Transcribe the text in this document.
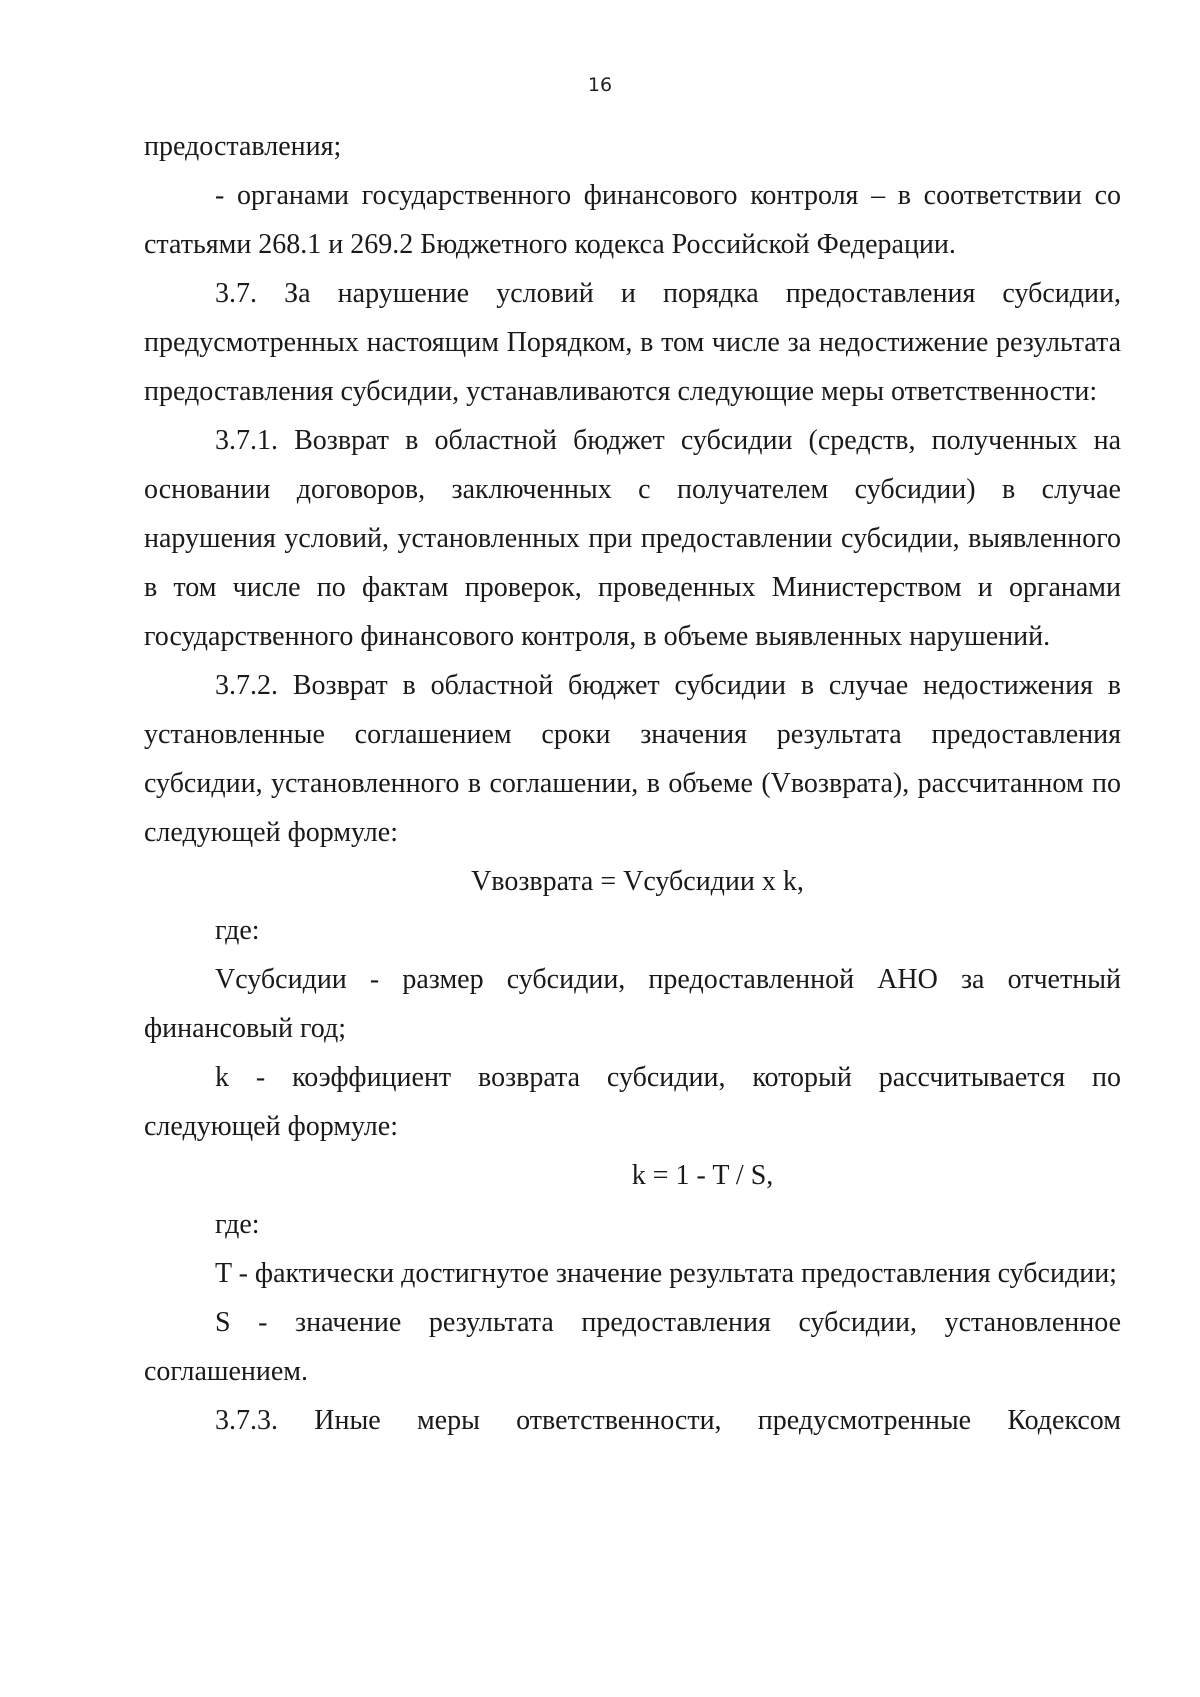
16

предоставления;

- органами государственного финансового контроля – в соответствии со статьями 268.1 и 269.2 Бюджетного кодекса Российской Федерации.

3.7. За нарушение условий и порядка предоставления субсидии, предусмотренных настоящим Порядком, в том числе за недостижение результата предоставления субсидии, устанавливаются следующие меры ответственности:

3.7.1. Возврат в областной бюджет субсидии (средств, полученных на основании договоров, заключенных с получателем субсидии) в случае нарушения условий, установленных при предоставлении субсидии, выявленного в том числе по фактам проверок, проведенных Министерством и органами государственного финансового контроля, в объеме выявленных нарушений.

3.7.2. Возврат в областной бюджет субсидии в случае недостижения в установленные соглашением сроки значения результата предоставления субсидии, установленного в соглашении, в объеме (Vвозврата), рассчитанном по следующей формуле:

Vвозврата = Vсубсидии x k,

где:

Vсубсидии - размер субсидии, предоставленной АНО за отчетный финансовый год;

k - коэффициент возврата субсидии, который рассчитывается по следующей формуле:

k = 1 - T / S,

где:

T - фактически достигнутое значение результата предоставления субсидии;

S - значение результата предоставления субсидии, установленное соглашением.

3.7.3. Иные меры ответственности, предусмотренные Кодексом
